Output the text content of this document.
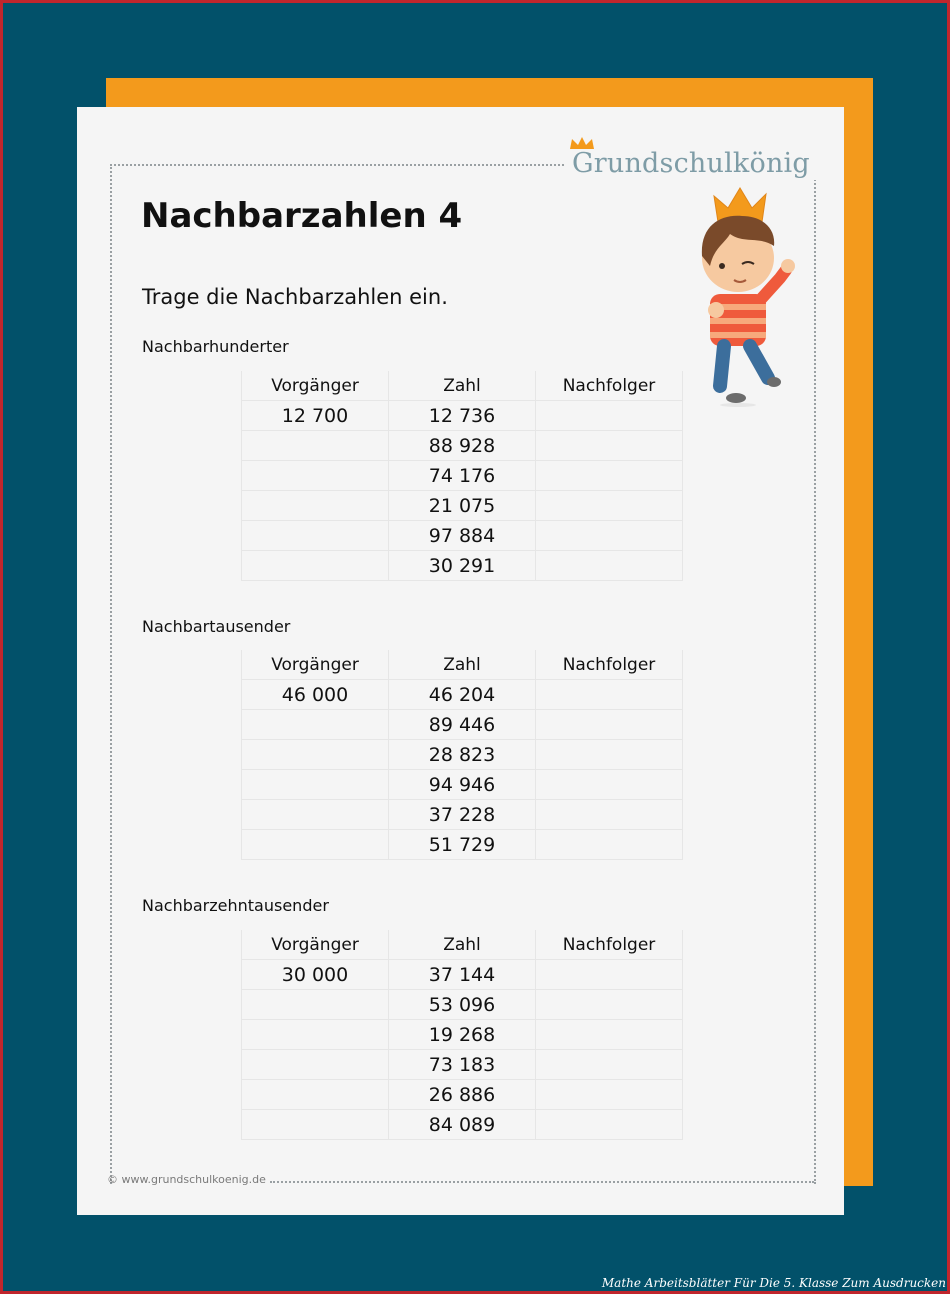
Grundschulkönig
Nachbarzahlen 4
Trage die Nachbarzahlen ein.
Nachbarhunderter
Vorgänger	Zahl	Nachfolger
12 700	12 736	
	88 928	
	74 176	
	21 075	
	97 884	
	30 291	
Nachbartausender
Vorgänger	Zahl	Nachfolger
46 000	46 204	
	89 446	
	28 823	
	94 946	
	37 228	
	51 729	
Nachbarzehntausender
Vorgänger	Zahl	Nachfolger
30 000	37 144	
	53 096	
	19 268	
	73 183	
	26 886	
	84 089	
© www.grundschulkoenig.de
Mathe Arbeitsblätter Für Die 5. Klasse Zum Ausdrucken
